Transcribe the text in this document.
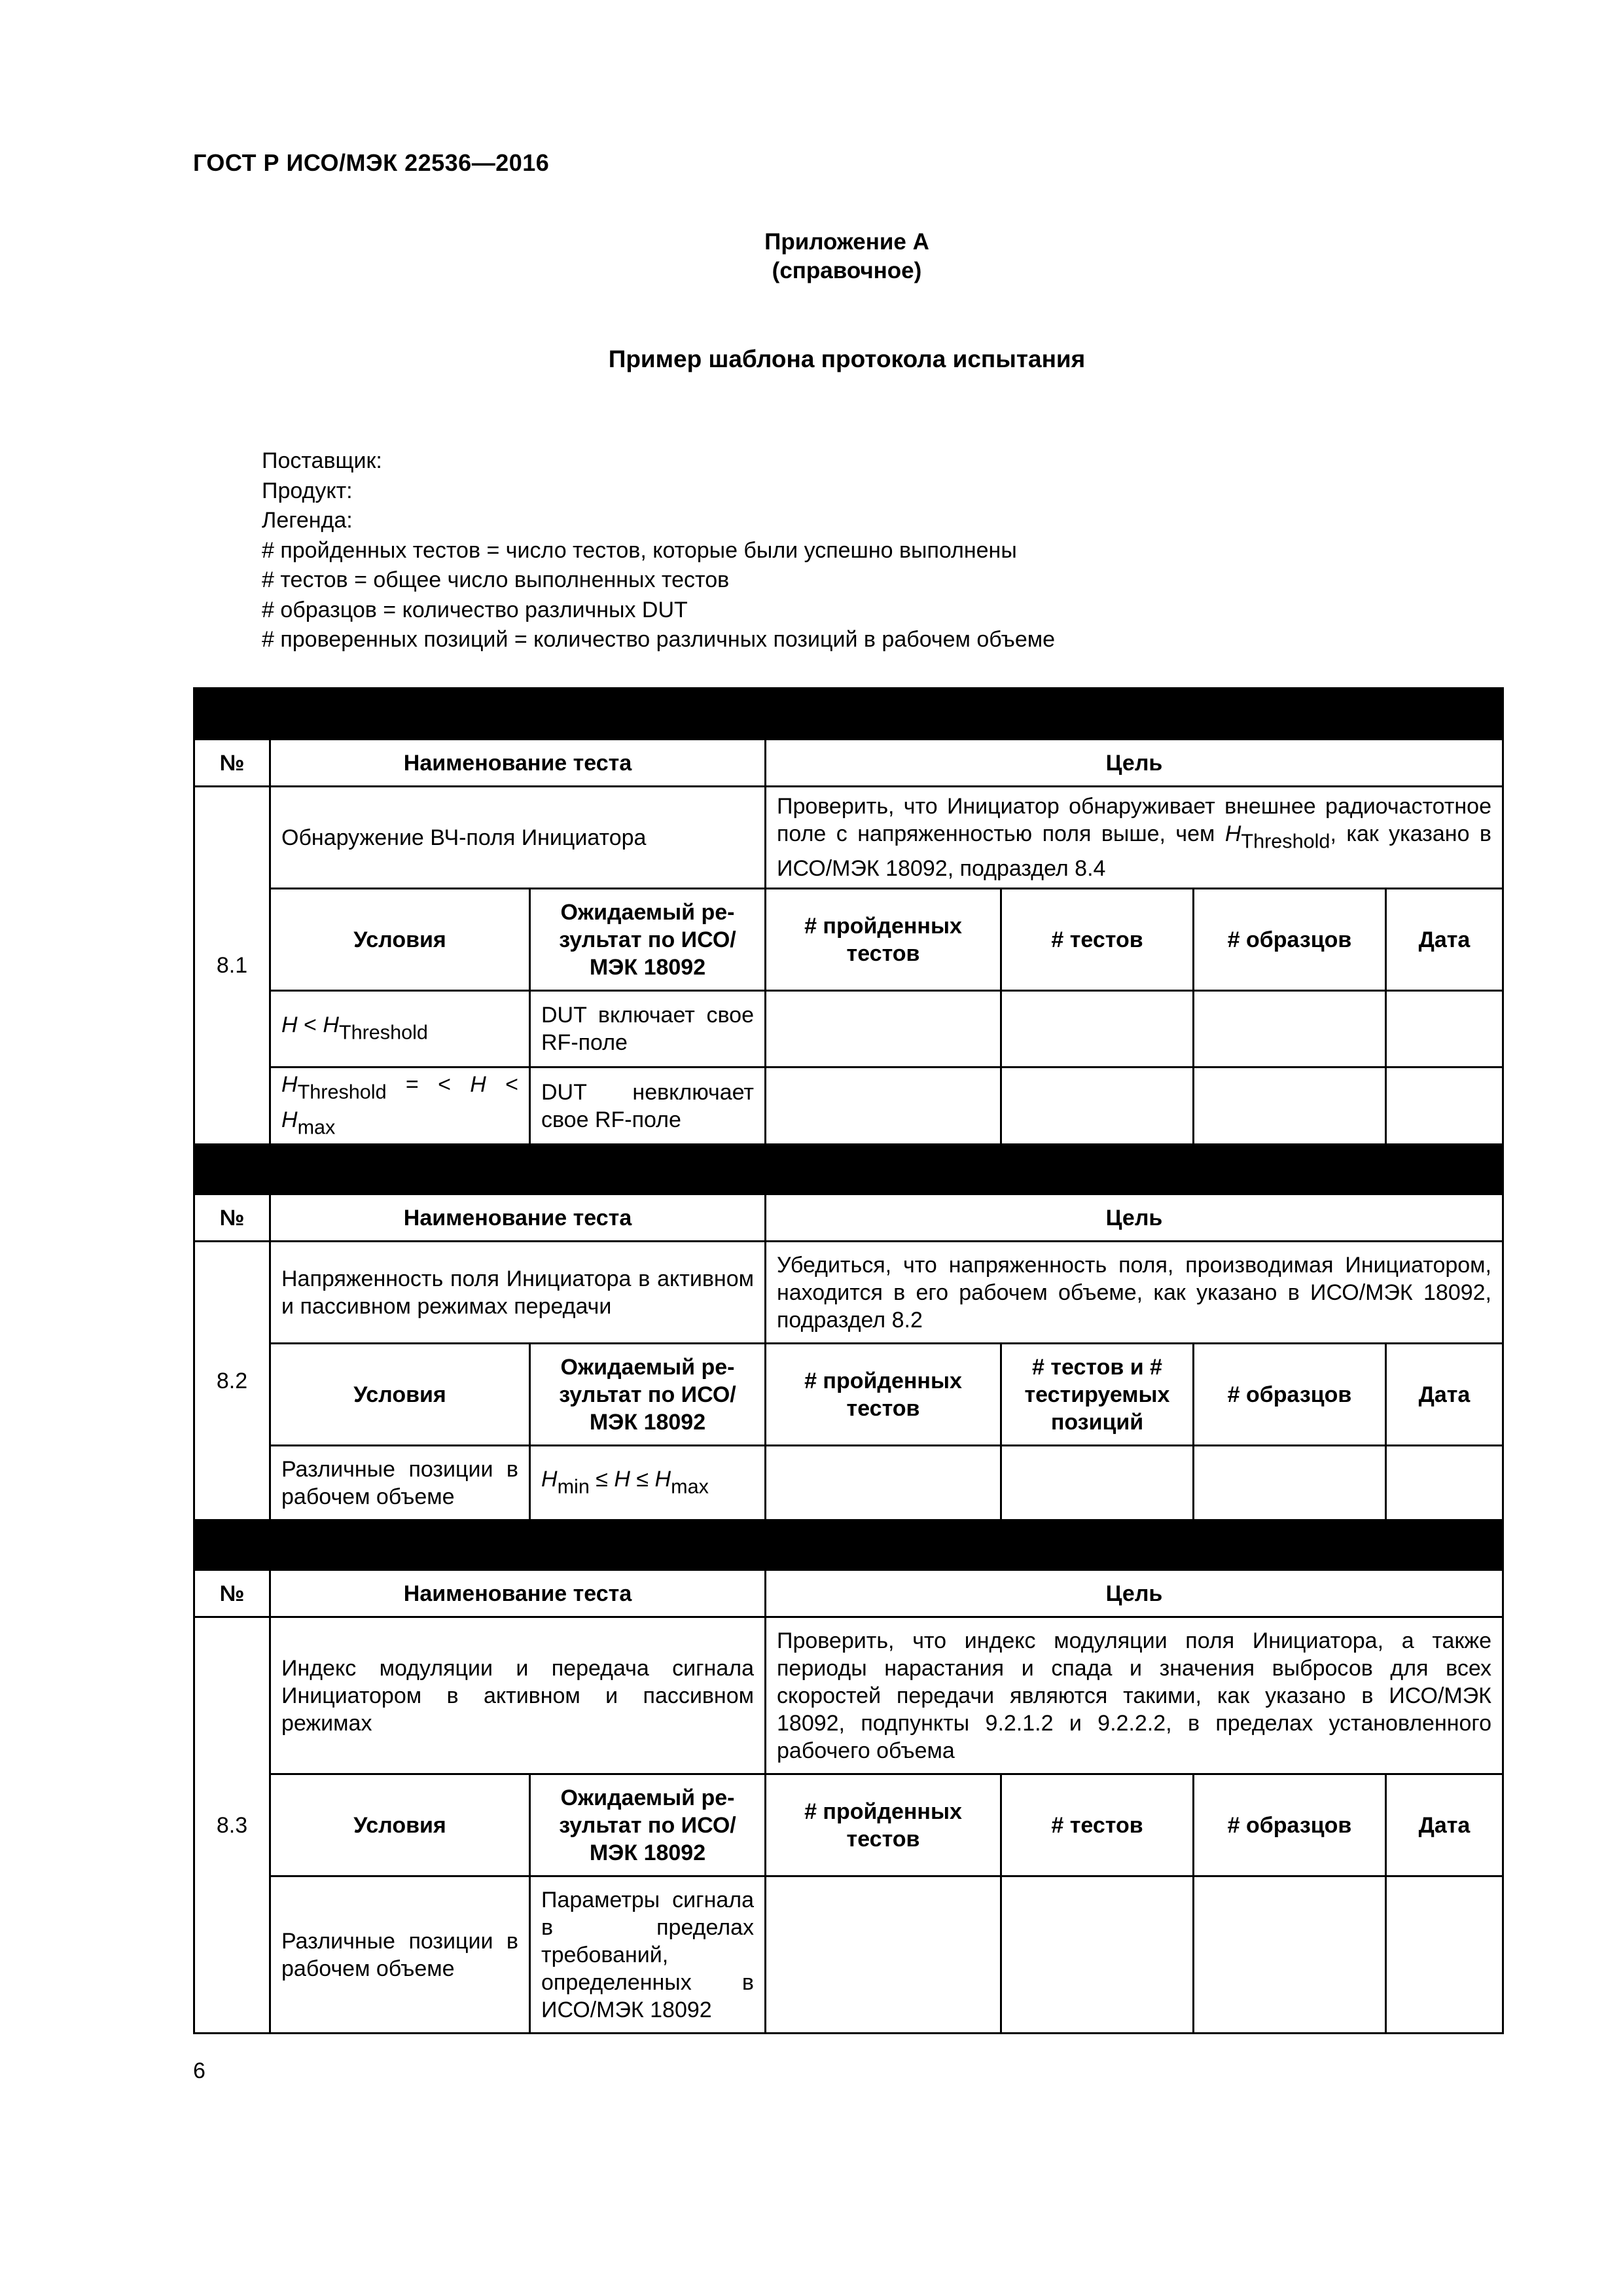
ГОСТ Р ИСО/МЭК 22536—2016
Приложение А
(справочное)
Пример шаблона протокола испытания
Поставщик:
Продукт:
Легенда:
# пройденных тестов = число тестов, которые были успешно выполнены
# тестов = общее число выполненных тестов
# образцов = количество различных DUT
# проверенных позиций = количество различных позиций в рабочем объеме

№	Наименование теста		Цель			
8.1	Обнаружение ВЧ-поля Инициатора		Проверить, что Инициатор обнаруживает внешнее радиочастотное поле с напряженностью поля выше, чем $H_{Threshold}$, как указано в ИСО/МЭК 18092, подраздел 8.4			
	Условия	Ожидаемый ре-зультат по ИСО/МЭК 18092	# пройденных тестов	# тестов	# образцов	Дата
	$H < H_{Threshold}$	DUT включает свое RF-поле				
	$H_{Threshold}$ = < $H < H_{max}$	DUT невключает свое RF-поле				

№	Наименование теста		Цель			
8.2	Напряженность поля Инициатора в активном и пассивном режимах передачи		Убедиться, что напряженность поля, производимая Инициатором, находится в его рабочем объеме, как указано в ИСО/МЭК 18092, подраздел 8.2			
	Условия	Ожидаемый ре-зультат по ИСО/МЭК 18092	# пройденных тестов	# тестов и # тестируемых позиций	# образцов	Дата
	Различные позиции в рабочем объеме	$H_{min} \le H \le H_{max}$				

№	Наименование теста		Цель			
8.3	Индекс модуляции и передача сигнала Инициатором в активном и пассивном режимах		Проверить, что индекс модуляции поля Инициатора, а также периоды нарастания и спада и значения выбросов для всех скоростей передачи являются такими, как указано в ИСО/МЭК 18092, подпункты 9.2.1.2 и 9.2.2.2, в пределах установленного рабочего объема			
	Условия	Ожидаемый ре-зультат по ИСО/МЭК 18092	# пройденных тестов	# тестов	# образцов	Дата
	Различные позиции в рабочем объеме	Параметры сигнала в пределах требований, определенных в ИСО/МЭК 18092				
6
